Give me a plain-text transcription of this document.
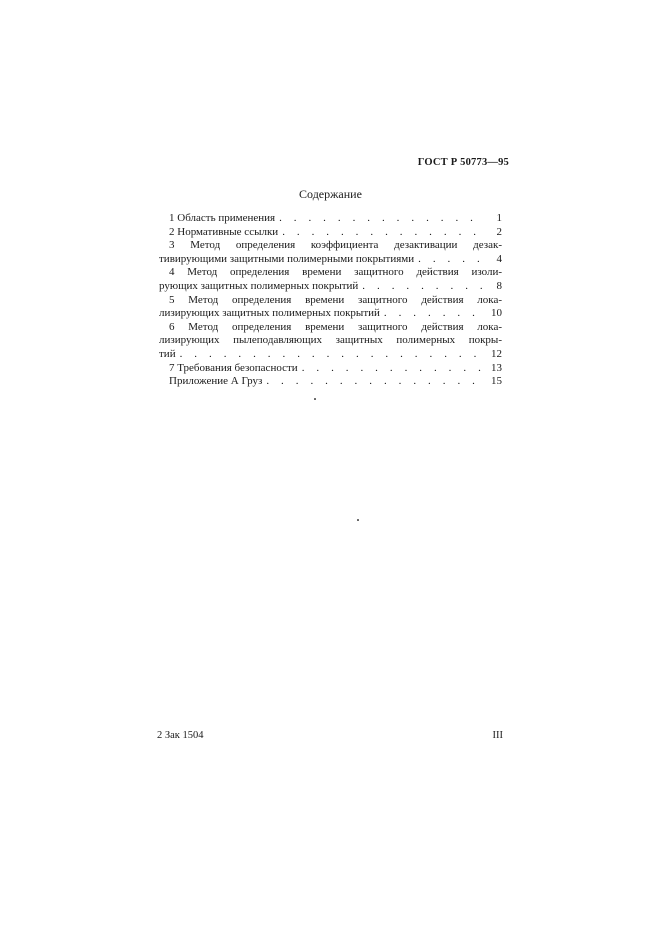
ГОСТ Р 50773—95
Содержание
1 Область применения . . .	1
2 Нормативные ссылки . . .	2
3 Метод определения коэффициента дезактивации дезак-
тивирующими защитными полимерными покрытиями . . .	4
4 Метод определения времени защитного действия изоли-
рующих защитных полимерных покрытий . . .	8
5 Метод определения времени защитного действия лока-
лизирующих защитных полимерных покрытий . . .	10
6 Метод определения времени защитного действия лока-
лизирующих пылеподавляющих защитных полимерных покры-
тий . . .	12
7 Требования безопасности . . .	13
Приложение А Груз . . .	15
2 Зак 1504	III
